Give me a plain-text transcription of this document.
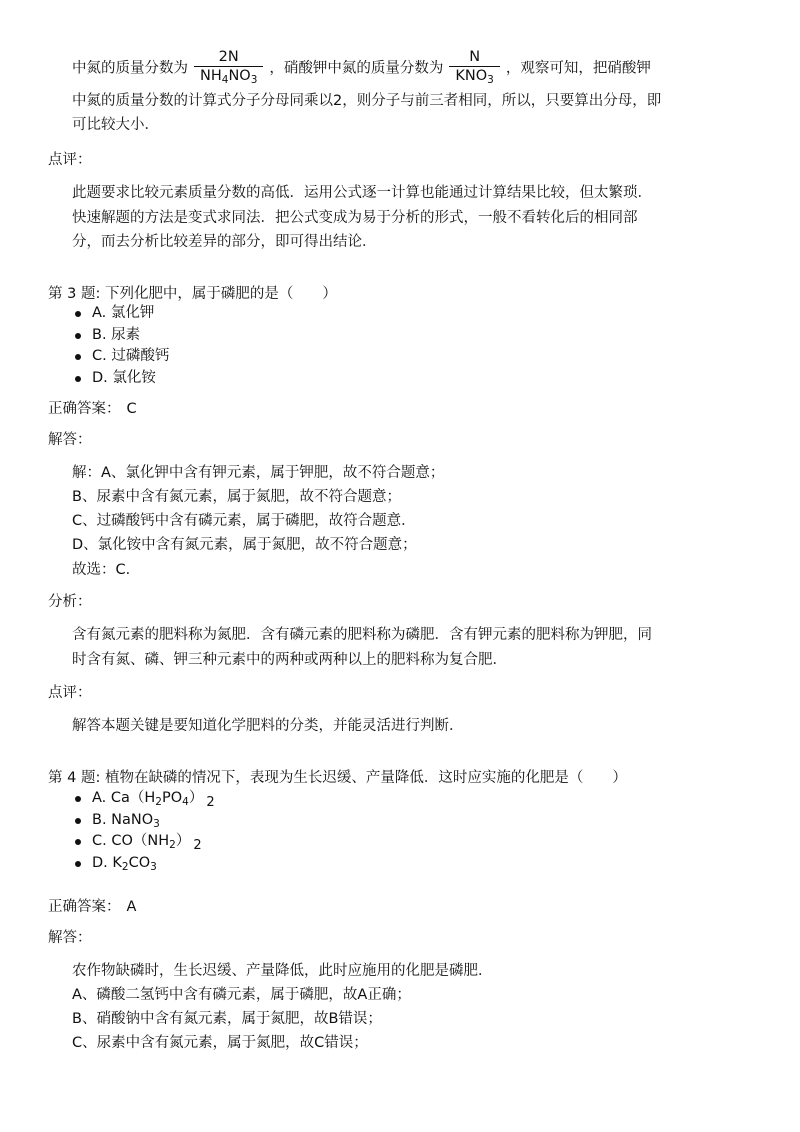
中氮的质量分数为 $\frac{2N}{NH_4NO_3}$ ，硝酸钾中氮的质量分数为 $\frac{N}{KNO_3}$ ，观察可知，把硝酸钾
中氮的质量分数的计算式分子分母同乘以2，则分子与前三者相同，所以，只要算出分母，即
可比较大小．
点评：
此题要求比较元素质量分数的高低．运用公式逐一计算也能通过计算结果比较，但太繁琐．
快速解题的方法是变式求同法．把公式变成为易于分析的形式，一般不看转化后的相同部
分，而去分析比较差异的部分，即可得出结论．
第 3 题: 下列化肥中，属于磷肥的是（　　）
A. 氯化钾
B. 尿素
C. 过磷酸钙
D. 氯化铵
正确答案： C
解答：
解：A、氯化钾中含有钾元素，属于钾肥，故不符合题意；
B、尿素中含有氮元素，属于氮肥，故不符合题意；
C、过磷酸钙中含有磷元素，属于磷肥，故符合题意．
D、氯化铵中含有氮元素，属于氮肥，故不符合题意；
故选：C．
分析：
含有氮元素的肥料称为氮肥．含有磷元素的肥料称为磷肥．含有钾元素的肥料称为钾肥，同
时含有氮、磷、钾三种元素中的两种或两种以上的肥料称为复合肥．
点评：
解答本题关键是要知道化学肥料的分类，并能灵活进行判断．
第 4 题: 植物在缺磷的情况下，表现为生长迟缓、产量降低．这时应实施的化肥是（　　）
A. $Ca(H_2PO_4)$ 2
B. NaNO$_3$
C. $CO(NH_2)$ 2
D. $K_2CO_3$
正确答案： A
解答：
农作物缺磷时，生长迟缓、产量降低，此时应施用的化肥是磷肥．
A、磷酸二氢钙中含有磷元素，属于磷肥，故A正确；
B、硝酸钠中含有氮元素，属于氮肥，故B错误；
C、尿素中含有氮元素，属于氮肥，故C错误；
